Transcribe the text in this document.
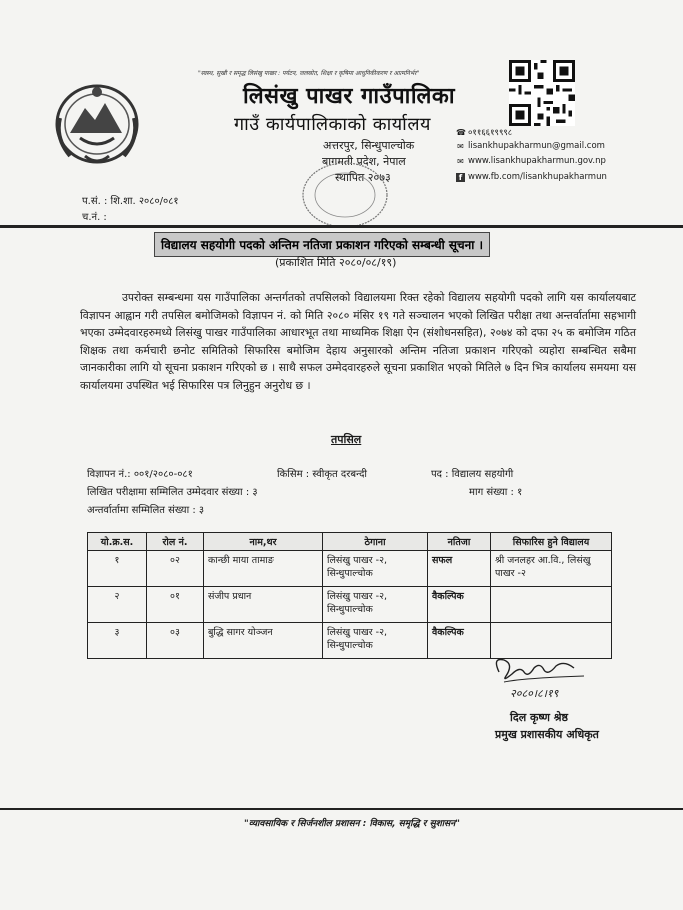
"स्वस्थ, सुखी र समृद्ध लिसंखु पाखर : पर्यटन, जलस्रोत, शिक्षा र कृषिमा आधुनिकीकरण र आत्मनिर्भर"
लिसंखु पाखर गाउँपालिका
गाउँ कार्यपालिकाको कार्यालय
अत्तरपुर, सिन्धुपाल्चोक
बागमती प्रदेश, नेपाल
स्थापित २०७३
☎ ०११६६१९९९८
✉ lisankhupakharmun@gmail.com
✉ www.lisankhupakharmun.gov.np
f www.fb.com/lisankhupakharmun
प.सं. : शि.शा. २०८०/०८१
च.नं. :
विद्यालय सहयोगी पदको अन्तिम नतिजा प्रकाशन गरिएको सम्बन्धी सूचना ।
(प्रकाशित मिति २०८०/०८/१९)

उपरोक्त सम्बन्धमा यस गाउँपालिका अन्तर्गतको तपसिलको विद्यालयमा रिक्त रहेको विद्यालय सहयोगी पदको लागि यस कार्यालयबाट विज्ञापन आह्वान गरी तपसिल बमोजिमको विज्ञापन नं. को मिति २०८० मंसिर १९ गते सञ्चालन भएको लिखित परीक्षा तथा अन्तर्वार्तामा सहभागी भएका उम्मेदवारहरुमध्ये लिसंखु पाखर गाउँपालिका आधारभूत तथा माध्यमिक शिक्षा ऐन (संशोधनसहित), २०७४ को दफा २५ क बमोजिम गठित शिक्षक तथा कर्मचारी छनोट समितिको सिफारिस बमोजिम देहाय अनुसारको अन्तिम नतिजा प्रकाशन गरिएको व्यहोरा सम्बन्धित सबैमा जानकारीका लागि यो सूचना प्रकाशन गरिएको छ । साथै सफल उम्मेदवारहरुले सूचना प्रकाशित भएको मितिले ७ दिन भित्र कार्यालय समयमा यस कार्यालयमा उपस्थित भई सिफारिस पत्र लिनुहुन अनुरोध छ ।

तपसिल
विज्ञापन नं.: ००१/२०८०-०८१	किसिम : स्वीकृत दरबन्दी	पद : विद्यालय सहयोगी
लिखित परीक्षामा सम्मिलित उम्मेदवार संख्या : ३	माग संख्या : १
अन्तर्वार्तामा सम्मिलित संख्या : ३
यो.क्र.स.	रोल नं.	नाम,थर	ठेगाना	नतिजा	सिफारिस हुने विद्यालय
१	०२	कान्छी माया तामाङ	लिसंखु पाखर -२, सिन्धुपाल्चोक	सफल	श्री जनलहर आ.वि., लिसंखु पाखर -२
२	०१	संजीप प्रधान	लिसंखु पाखर -२, सिन्धुपाल्चोक	वैकल्पिक	
३	०३	बुद्धि सागर योञ्जन	लिसंखु पाखर -२, सिन्धुपाल्चोक	वैकल्पिक	
२०८०।८।१९
दिल कृष्ण श्रेष्ठ
प्रमुख प्रशासकीय अधिकृत
"व्यावसायिक र सिर्जनशील प्रशासन : विकास, समृद्धि र सुशासन"
